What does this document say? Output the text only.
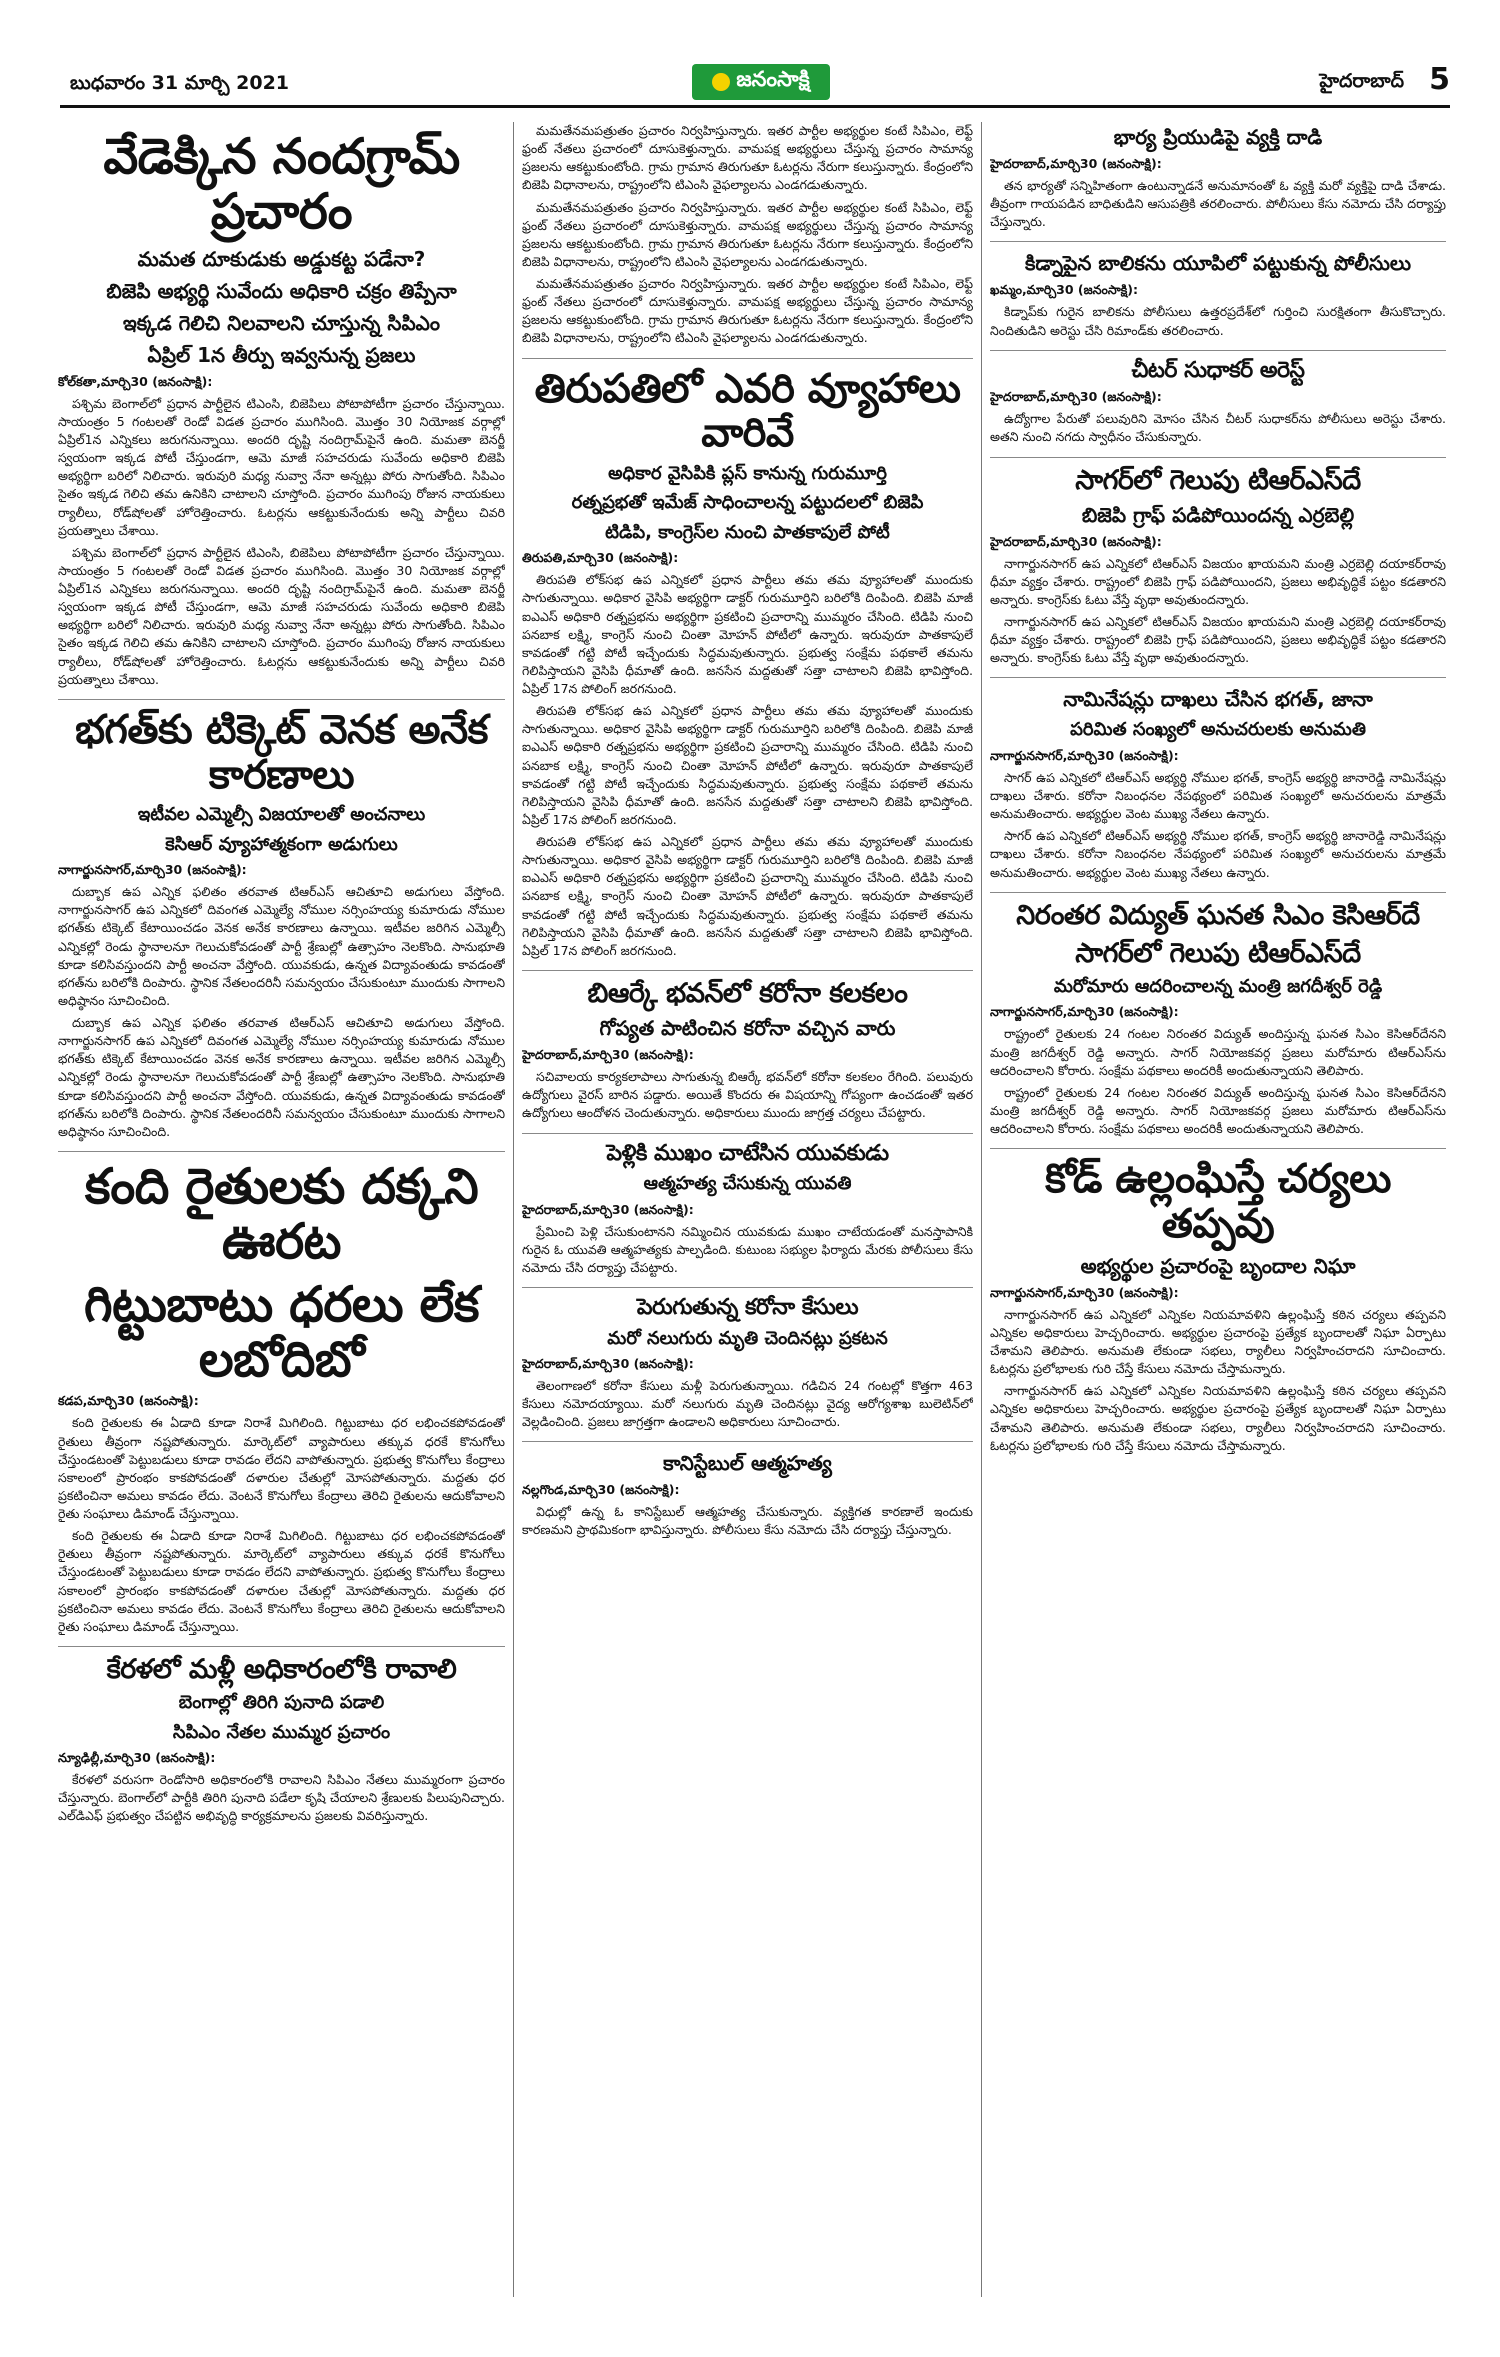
బుధవారం 31 మార్చి 2021	జనంసాక్షి	హైదరాబాద్ 5
వేడెక్కిన నందగ్రామ్‌ ప్రచారం
మమత దూకుడుకు అడ్డుకట్ట పడేనా?
బిజెపి అభ్యర్థి సువేందు అధికారి చక్రం తిప్పేనా
ఇక్కడ గెలిచి నిలవాలని చూస్తున్న సిపిఎం
ఏప్రిల్‌ 1న తీర్పు ఇవ్వనున్న ప్రజలు
కోల్‌కతా,మార్చి30 (జనంసాక్షి):

పశ్చిమ బెంగాల్‌లో ప్రధాన పార్టీలైన టిఎంసి, బిజెపిలు పోటాపోటీగా ప్రచారం చేస్తున్నాయి. సాయంత్రం 5 గంటలతో రెండో విడత ప్రచారం ముగిసింది. మొత్తం 30 నియోజక వర్గాల్లో ఏప్రిల్‌1న ఎన్నికలు జరుగనున్నాయి. అందరి దృష్టి నందిగ్రామ్‌పైనే ఉంది. మమతా బెనర్జీ స్వయంగా ఇక్కడ పోటీ చేస్తుండగా, ఆమె మాజీ సహచరుడు సువేందు అధికారి బిజెపి అభ్యర్థిగా బరిలో నిలిచారు. ఇరువురి మధ్య నువ్వా నేనా అన్నట్లు పోరు సాగుతోంది. సిపిఎం సైతం ఇక్కడ గెలిచి తమ ఉనికిని చాటాలని చూస్తోంది. ప్రచారం ముగింపు రోజున నాయకులు ర్యాలీలు, రోడ్‌షోలతో హోరెత్తించారు. ఓటర్లను ఆకట్టుకునేందుకు అన్ని పార్టీలు చివరి ప్రయత్నాలు చేశాయి.

పశ్చిమ బెంగాల్‌లో ప్రధాన పార్టీలైన టిఎంసి, బిజెపిలు పోటాపోటీగా ప్రచారం చేస్తున్నాయి. సాయంత్రం 5 గంటలతో రెండో విడత ప్రచారం ముగిసింది. మొత్తం 30 నియోజక వర్గాల్లో ఏప్రిల్‌1న ఎన్నికలు జరుగనున్నాయి. అందరి దృష్టి నందిగ్రామ్‌పైనే ఉంది. మమతా బెనర్జీ స్వయంగా ఇక్కడ పోటీ చేస్తుండగా, ఆమె మాజీ సహచరుడు సువేందు అధికారి బిజెపి అభ్యర్థిగా బరిలో నిలిచారు. ఇరువురి మధ్య నువ్వా నేనా అన్నట్లు పోరు సాగుతోంది. సిపిఎం సైతం ఇక్కడ గెలిచి తమ ఉనికిని చాటాలని చూస్తోంది. ప్రచారం ముగింపు రోజున నాయకులు ర్యాలీలు, రోడ్‌షోలతో హోరెత్తించారు. ఓటర్లను ఆకట్టుకునేందుకు అన్ని పార్టీలు చివరి ప్రయత్నాలు చేశాయి.

భగత్‌కు టిక్కెట్‌ వెనక అనేక కారణాలు
ఇటీవల ఎమ్మెల్సీ విజయాలతో అంచనాలు
కెసిఆర్‌ వ్యూహాత్మకంగా అడుగులు
నాగార్జునసాగర్‌,మార్చి30 (జనంసాక్షి):

దుబ్బాక ఉప ఎన్నిక ఫలితం తరవాత టిఆర్‌ఎస్‌ ఆచితూచి అడుగులు వేస్తోంది. నాగార్జునసాగర్‌ ఉప ఎన్నికలో దివంగత ఎమ్మెల్యే నోముల నర్సింహయ్య కుమారుడు నోముల భగత్‌కు టిక్కెట్‌ కేటాయించడం వెనక అనేక కారణాలు ఉన్నాయి. ఇటీవల జరిగిన ఎమ్మెల్సీ ఎన్నికల్లో రెండు స్థానాలనూ గెలుచుకోవడంతో పార్టీ శ్రేణుల్లో ఉత్సాహం నెలకొంది. సానుభూతి కూడా కలిసివస్తుందని పార్టీ అంచనా వేస్తోంది. యువకుడు, ఉన్నత విద్యావంతుడు కావడంతో భగత్‌ను బరిలోకి దింపారు. స్థానిక నేతలందరినీ సమన్వయం చేసుకుంటూ ముందుకు సాగాలని అధిష్ఠానం సూచించింది.

దుబ్బాక ఉప ఎన్నిక ఫలితం తరవాత టిఆర్‌ఎస్‌ ఆచితూచి అడుగులు వేస్తోంది. నాగార్జునసాగర్‌ ఉప ఎన్నికలో దివంగత ఎమ్మెల్యే నోముల నర్సింహయ్య కుమారుడు నోముల భగత్‌కు టిక్కెట్‌ కేటాయించడం వెనక అనేక కారణాలు ఉన్నాయి. ఇటీవల జరిగిన ఎమ్మెల్సీ ఎన్నికల్లో రెండు స్థానాలనూ గెలుచుకోవడంతో పార్టీ శ్రేణుల్లో ఉత్సాహం నెలకొంది. సానుభూతి కూడా కలిసివస్తుందని పార్టీ అంచనా వేస్తోంది. యువకుడు, ఉన్నత విద్యావంతుడు కావడంతో భగత్‌ను బరిలోకి దింపారు. స్థానిక నేతలందరినీ సమన్వయం చేసుకుంటూ ముందుకు సాగాలని అధిష్ఠానం సూచించింది.

కంది రైతులకు దక్కని ఊరట
గిట్టుబాటు ధరలు లేక లబోదిబో
కడప,మార్చి30 (జనంసాక్షి):

కంది రైతులకు ఈ ఏడాది కూడా నిరాశే మిగిలింది. గిట్టుబాటు ధర లభించకపోవడంతో రైతులు తీవ్రంగా నష్టపోతున్నారు. మార్కెట్‌లో వ్యాపారులు తక్కువ ధరకే కొనుగోలు చేస్తుండటంతో పెట్టుబడులు కూడా రావడం లేదని వాపోతున్నారు. ప్రభుత్వ కొనుగోలు కేంద్రాలు సకాలంలో ప్రారంభం కాకపోవడంతో దళారుల చేతుల్లో మోసపోతున్నారు. మద్దతు ధర ప్రకటించినా అమలు కావడం లేదు. వెంటనే కొనుగోలు కేంద్రాలు తెరిచి రైతులను ఆదుకోవాలని రైతు సంఘాలు డిమాండ్‌ చేస్తున్నాయి.

కంది రైతులకు ఈ ఏడాది కూడా నిరాశే మిగిలింది. గిట్టుబాటు ధర లభించకపోవడంతో రైతులు తీవ్రంగా నష్టపోతున్నారు. మార్కెట్‌లో వ్యాపారులు తక్కువ ధరకే కొనుగోలు చేస్తుండటంతో పెట్టుబడులు కూడా రావడం లేదని వాపోతున్నారు. ప్రభుత్వ కొనుగోలు కేంద్రాలు సకాలంలో ప్రారంభం కాకపోవడంతో దళారుల చేతుల్లో మోసపోతున్నారు. మద్దతు ధర ప్రకటించినా అమలు కావడం లేదు. వెంటనే కొనుగోలు కేంద్రాలు తెరిచి రైతులను ఆదుకోవాలని రైతు సంఘాలు డిమాండ్‌ చేస్తున్నాయి.

కేరళలో మళ్లీ అధికారంలోకి రావాలి
బెంగాల్లో తిరిగి పునాది పడాలి
సిపిఎం నేతల ముమ్మర ప్రచారం
న్యూఢిల్లీ,మార్చి30 (జనంసాక్షి):

కేరళలో వరుసగా రెండోసారి అధికారంలోకి రావాలని సిపిఎం నేతలు ముమ్మరంగా ప్రచారం చేస్తున్నారు. బెంగాల్‌లో పార్టీకి తిరిగి పునాది పడేలా కృషి చేయాలని శ్రేణులకు పిలుపునిచ్చారు. ఎల్‌డిఎఫ్‌ ప్రభుత్వం చేపట్టిన అభివృద్ధి కార్యక్రమాలను ప్రజలకు వివరిస్తున్నారు.

మమతేనమపత్రుతం ప్రచారం నిర్వహిస్తున్నారు. ఇతర పార్టీల అభ్యర్థుల కంటే సిపిఎం, లెఫ్ట్‌ ఫ్రంట్‌ నేతలు ప్రచారంలో దూసుకెళ్తున్నారు. వామపక్ష అభ్యర్థులు చేస్తున్న ప్రచారం సామాన్య ప్రజలను ఆకట్టుకుంటోంది. గ్రామ గ్రామాన తిరుగుతూ ఓటర్లను నేరుగా కలుస్తున్నారు. కేంద్రంలోని బిజెపి విధానాలను, రాష్ట్రంలోని టిఎంసి వైఫల్యాలను ఎండగడుతున్నారు.

మమతేనమపత్రుతం ప్రచారం నిర్వహిస్తున్నారు. ఇతర పార్టీల అభ్యర్థుల కంటే సిపిఎం, లెఫ్ట్‌ ఫ్రంట్‌ నేతలు ప్రచారంలో దూసుకెళ్తున్నారు. వామపక్ష అభ్యర్థులు చేస్తున్న ప్రచారం సామాన్య ప్రజలను ఆకట్టుకుంటోంది. గ్రామ గ్రామాన తిరుగుతూ ఓటర్లను నేరుగా కలుస్తున్నారు. కేంద్రంలోని బిజెపి విధానాలను, రాష్ట్రంలోని టిఎంసి వైఫల్యాలను ఎండగడుతున్నారు.

మమతేనమపత్రుతం ప్రచారం నిర్వహిస్తున్నారు. ఇతర పార్టీల అభ్యర్థుల కంటే సిపిఎం, లెఫ్ట్‌ ఫ్రంట్‌ నేతలు ప్రచారంలో దూసుకెళ్తున్నారు. వామపక్ష అభ్యర్థులు చేస్తున్న ప్రచారం సామాన్య ప్రజలను ఆకట్టుకుంటోంది. గ్రామ గ్రామాన తిరుగుతూ ఓటర్లను నేరుగా కలుస్తున్నారు. కేంద్రంలోని బిజెపి విధానాలను, రాష్ట్రంలోని టిఎంసి వైఫల్యాలను ఎండగడుతున్నారు.

తిరుపతిలో ఎవరి వ్యూహాలు వారివే
అధికార వైసిపికి ప్లస్‌ కానున్న గురుమూర్తి
రత్నప్రభతో ఇమేజ్‌ సాధించాలన్న పట్టుదలలో బిజెపి
టిడిపి, కాంగ్రెస్‌ల నుంచి పాతకాపులే పోటీ
తిరుపతి,మార్చి30 (జనంసాక్షి):

తిరుపతి లోక్‌సభ ఉప ఎన్నికలో ప్రధాన పార్టీలు తమ తమ వ్యూహాలతో ముందుకు సాగుతున్నాయి. అధికార వైసిపి అభ్యర్థిగా డాక్టర్‌ గురుమూర్తిని బరిలోకి దింపింది. బిజెపి మాజీ ఐఎఎస్‌ అధికారి రత్నప్రభను అభ్యర్థిగా ప్రకటించి ప్రచారాన్ని ముమ్మరం చేసింది. టిడిపి నుంచి పనబాక లక్ష్మి, కాంగ్రెస్‌ నుంచి చింతా మోహన్‌ పోటీలో ఉన్నారు. ఇరువురూ పాతకాపులే కావడంతో గట్టి పోటీ ఇచ్చేందుకు సిద్ధమవుతున్నారు. ప్రభుత్వ సంక్షేమ పథకాలే తమను గెలిపిస్తాయని వైసిపి ధీమాతో ఉంది. జనసేన మద్దతుతో సత్తా చాటాలని బిజెపి భావిస్తోంది. ఏప్రిల్‌ 17న పోలింగ్‌ జరగనుంది.

తిరుపతి లోక్‌సభ ఉప ఎన్నికలో ప్రధాన పార్టీలు తమ తమ వ్యూహాలతో ముందుకు సాగుతున్నాయి. అధికార వైసిపి అభ్యర్థిగా డాక్టర్‌ గురుమూర్తిని బరిలోకి దింపింది. బిజెపి మాజీ ఐఎఎస్‌ అధికారి రత్నప్రభను అభ్యర్థిగా ప్రకటించి ప్రచారాన్ని ముమ్మరం చేసింది. టిడిపి నుంచి పనబాక లక్ష్మి, కాంగ్రెస్‌ నుంచి చింతా మోహన్‌ పోటీలో ఉన్నారు. ఇరువురూ పాతకాపులే కావడంతో గట్టి పోటీ ఇచ్చేందుకు సిద్ధమవుతున్నారు. ప్రభుత్వ సంక్షేమ పథకాలే తమను గెలిపిస్తాయని వైసిపి ధీమాతో ఉంది. జనసేన మద్దతుతో సత్తా చాటాలని బిజెపి భావిస్తోంది. ఏప్రిల్‌ 17న పోలింగ్‌ జరగనుంది.

తిరుపతి లోక్‌సభ ఉప ఎన్నికలో ప్రధాన పార్టీలు తమ తమ వ్యూహాలతో ముందుకు సాగుతున్నాయి. అధికార వైసిపి అభ్యర్థిగా డాక్టర్‌ గురుమూర్తిని బరిలోకి దింపింది. బిజెపి మాజీ ఐఎఎస్‌ అధికారి రత్నప్రభను అభ్యర్థిగా ప్రకటించి ప్రచారాన్ని ముమ్మరం చేసింది. టిడిపి నుంచి పనబాక లక్ష్మి, కాంగ్రెస్‌ నుంచి చింతా మోహన్‌ పోటీలో ఉన్నారు. ఇరువురూ పాతకాపులే కావడంతో గట్టి పోటీ ఇచ్చేందుకు సిద్ధమవుతున్నారు. ప్రభుత్వ సంక్షేమ పథకాలే తమను గెలిపిస్తాయని వైసిపి ధీమాతో ఉంది. జనసేన మద్దతుతో సత్తా చాటాలని బిజెపి భావిస్తోంది. ఏప్రిల్‌ 17న పోలింగ్‌ జరగనుంది.

బిఆర్కే భవన్‌లో కరోనా కలకలం
గోప్యత పాటించిన కరోనా వచ్చిన వారు
హైదరాబాద్‌,మార్చి30 (జనంసాక్షి):

సచివాలయ కార్యకలాపాలు సాగుతున్న బిఆర్కే భవన్‌లో కరోనా కలకలం రేగింది. పలువురు ఉద్యోగులు వైరస్‌ బారిన పడ్డారు. అయితే కొందరు ఈ విషయాన్ని గోప్యంగా ఉంచడంతో ఇతర ఉద్యోగులు ఆందోళన చెందుతున్నారు. అధికారులు ముందు జాగ్రత్త చర్యలు చేపట్టారు.

పెళ్లికి ముఖం చాటేసిన యువకుడు
ఆత్మహత్య చేసుకున్న యువతి
హైదరాబాద్‌,మార్చి30 (జనంసాక్షి):

ప్రేమించి పెళ్లి చేసుకుంటానని నమ్మించిన యువకుడు ముఖం చాటేయడంతో మనస్తాపానికి గురైన ఓ యువతి ఆత్మహత్యకు పాల్పడింది. కుటుంబ సభ్యుల ఫిర్యాదు మేరకు పోలీసులు కేసు నమోదు చేసి దర్యాప్తు చేపట్టారు.

పెరుగుతున్న కరోనా కేసులు
మరో నలుగురు మృతి చెందినట్లు ప్రకటన
హైదరాబాద్‌,మార్చి30 (జనంసాక్షి):

తెలంగాణలో కరోనా కేసులు మళ్లీ పెరుగుతున్నాయి. గడిచిన 24 గంటల్లో కొత్తగా 463 కేసులు నమోదయ్యాయి. మరో నలుగురు మృతి చెందినట్లు వైద్య ఆరోగ్యశాఖ బులెటిన్‌లో వెల్లడించింది. ప్రజలు జాగ్రత్తగా ఉండాలని అధికారులు సూచించారు.

కానిస్టేబుల్‌ ఆత్మహత్య
నల్లగొండ,మార్చి30 (జనంసాక్షి):

విధుల్లో ఉన్న ఓ కానిస్టేబుల్‌ ఆత్మహత్య చేసుకున్నారు. వ్యక్తిగత కారణాలే ఇందుకు కారణమని ప్రాథమికంగా భావిస్తున్నారు. పోలీసులు కేసు నమోదు చేసి దర్యాప్తు చేస్తున్నారు.

భార్య ప్రియుడిపై వ్యక్తి దాడి
హైదరాబాద్‌,మార్చి30 (జనంసాక్షి):

తన భార్యతో సన్నిహితంగా ఉంటున్నాడనే అనుమానంతో ఓ వ్యక్తి మరో వ్యక్తిపై దాడి చేశాడు. తీవ్రంగా గాయపడిన బాధితుడిని ఆసుపత్రికి తరలించారు. పోలీసులు కేసు నమోదు చేసి దర్యాప్తు చేస్తున్నారు.

కిడ్నాపైన బాలికను యూపిలో పట్టుకున్న పోలీసులు
ఖమ్మం,మార్చి30 (జనంసాక్షి):

కిడ్నాప్‌కు గురైన బాలికను పోలీసులు ఉత్తరప్రదేశ్‌లో గుర్తించి సురక్షితంగా తీసుకొచ్చారు. నిందితుడిని అరెస్టు చేసి రిమాండ్‌కు తరలించారు.

చీటర్‌ సుధాకర్‌ అరెస్ట్‌
హైదరాబాద్‌,మార్చి30 (జనంసాక్షి):

ఉద్యోగాల పేరుతో పలువురిని మోసం చేసిన చీటర్‌ సుధాకర్‌ను పోలీసులు అరెస్టు చేశారు. అతని నుంచి నగదు స్వాధీనం చేసుకున్నారు.

సాగర్‌లో గెలుపు టిఆర్‌ఎస్‌దే
బిజెపి గ్రాఫ్‌ పడిపోయిందన్న ఎర్రబెల్లి
హైదరాబాద్‌,మార్చి30 (జనంసాక్షి):

నాగార్జునసాగర్‌ ఉప ఎన్నికలో టిఆర్‌ఎస్‌ విజయం ఖాయమని మంత్రి ఎర్రబెల్లి దయాకర్‌రావు ధీమా వ్యక్తం చేశారు. రాష్ట్రంలో బిజెపి గ్రాఫ్‌ పడిపోయిందని, ప్రజలు అభివృద్ధికే పట్టం కడతారని అన్నారు. కాంగ్రెస్‌కు ఓటు వేస్తే వృథా అవుతుందన్నారు.

నాగార్జునసాగర్‌ ఉప ఎన్నికలో టిఆర్‌ఎస్‌ విజయం ఖాయమని మంత్రి ఎర్రబెల్లి దయాకర్‌రావు ధీమా వ్యక్తం చేశారు. రాష్ట్రంలో బిజెపి గ్రాఫ్‌ పడిపోయిందని, ప్రజలు అభివృద్ధికే పట్టం కడతారని అన్నారు. కాంగ్రెస్‌కు ఓటు వేస్తే వృథా అవుతుందన్నారు.

నామినేషన్లు దాఖలు చేసిన భగత్‌, జానా
పరిమిత సంఖ్యలో అనుచరులకు అనుమతి
నాగార్జునసాగర్‌,మార్చి30 (జనంసాక్షి):

సాగర్‌ ఉప ఎన్నికలో టిఆర్‌ఎస్‌ అభ్యర్థి నోముల భగత్‌, కాంగ్రెస్‌ అభ్యర్థి జానారెడ్డి నామినేషన్లు దాఖలు చేశారు. కరోనా నిబంధనల నేపథ్యంలో పరిమిత సంఖ్యలో అనుచరులను మాత్రమే అనుమతించారు. అభ్యర్థుల వెంట ముఖ్య నేతలు ఉన్నారు.

సాగర్‌ ఉప ఎన్నికలో టిఆర్‌ఎస్‌ అభ్యర్థి నోముల భగత్‌, కాంగ్రెస్‌ అభ్యర్థి జానారెడ్డి నామినేషన్లు దాఖలు చేశారు. కరోనా నిబంధనల నేపథ్యంలో పరిమిత సంఖ్యలో అనుచరులను మాత్రమే అనుమతించారు. అభ్యర్థుల వెంట ముఖ్య నేతలు ఉన్నారు.

నిరంతర విద్యుత్‌ ఘనత సిఎం కెసిఆర్‌దే
సాగర్‌లో గెలుపు టిఆర్‌ఎస్‌దే
మరోమారు ఆదరించాలన్న మంత్రి జగదీశ్వర్‌ రెడ్డి
నాగార్జునసాగర్‌,మార్చి30 (జనంసాక్షి):

రాష్ట్రంలో రైతులకు 24 గంటల నిరంతర విద్యుత్‌ అందిస్తున్న ఘనత సిఎం కెసిఆర్‌దేనని మంత్రి జగదీశ్వర్‌ రెడ్డి అన్నారు. సాగర్‌ నియోజకవర్గ ప్రజలు మరోమారు టిఆర్‌ఎస్‌ను ఆదరించాలని కోరారు. సంక్షేమ పథకాలు అందరికీ అందుతున్నాయని తెలిపారు.

రాష్ట్రంలో రైతులకు 24 గంటల నిరంతర విద్యుత్‌ అందిస్తున్న ఘనత సిఎం కెసిఆర్‌దేనని మంత్రి జగదీశ్వర్‌ రెడ్డి అన్నారు. సాగర్‌ నియోజకవర్గ ప్రజలు మరోమారు టిఆర్‌ఎస్‌ను ఆదరించాలని కోరారు. సంక్షేమ పథకాలు అందరికీ అందుతున్నాయని తెలిపారు.

కోడ్‌ ఉల్లంఘిస్తే చర్యలు తప్పవు
అభ్యర్థుల ప్రచారంపై బృందాల నిఘా
నాగార్జునసాగర్‌,మార్చి30 (జనంసాక్షి):

నాగార్జునసాగర్‌ ఉప ఎన్నికలో ఎన్నికల నియమావళిని ఉల్లంఘిస్తే కఠిన చర్యలు తప్పవని ఎన్నికల అధికారులు హెచ్చరించారు. అభ్యర్థుల ప్రచారంపై ప్రత్యేక బృందాలతో నిఘా ఏర్పాటు చేశామని తెలిపారు. అనుమతి లేకుండా సభలు, ర్యాలీలు నిర్వహించరాదని సూచించారు. ఓటర్లను ప్రలోభాలకు గురి చేస్తే కేసులు నమోదు చేస్తామన్నారు.

నాగార్జునసాగర్‌ ఉప ఎన్నికలో ఎన్నికల నియమావళిని ఉల్లంఘిస్తే కఠిన చర్యలు తప్పవని ఎన్నికల అధికారులు హెచ్చరించారు. అభ్యర్థుల ప్రచారంపై ప్రత్యేక బృందాలతో నిఘా ఏర్పాటు చేశామని తెలిపారు. అనుమతి లేకుండా సభలు, ర్యాలీలు నిర్వహించరాదని సూచించారు. ఓటర్లను ప్రలోభాలకు గురి చేస్తే కేసులు నమోదు చేస్తామన్నారు.
